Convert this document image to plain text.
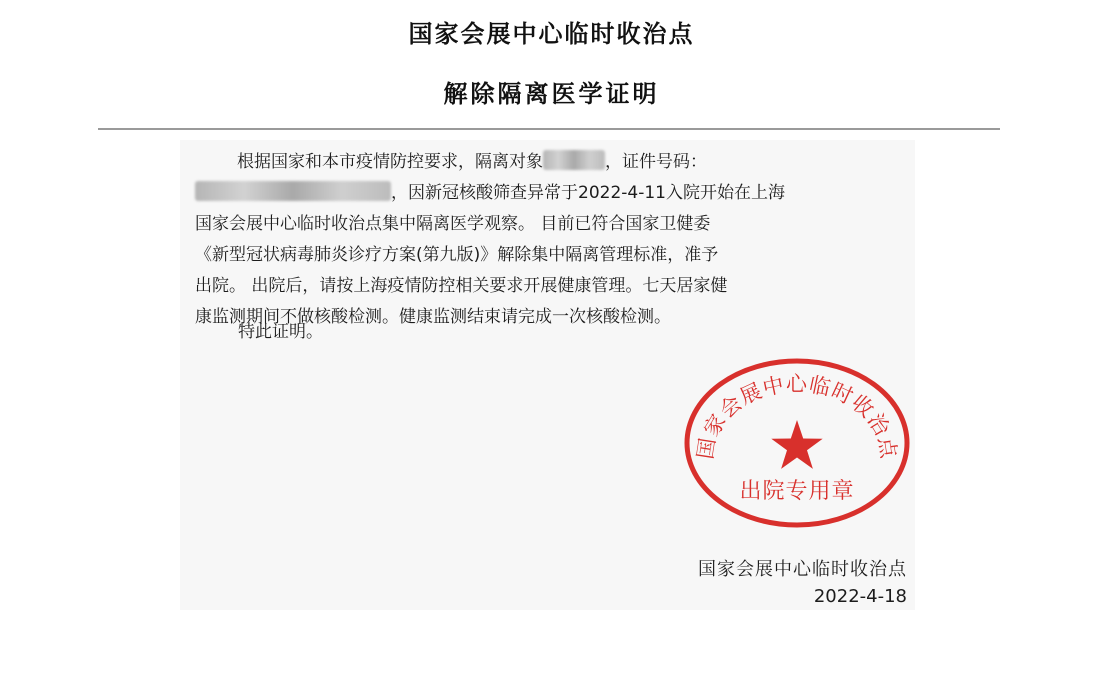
国家会展中心临时收治点
解除隔离医学证明

根据国家和本市疫情防控要求，隔离对象	，证件号码：
，因新冠核酸筛查异常于2022-4-11入院开始在上海
国家会展中心临时收治点集中隔离医学观察。 目前已符合国家卫健委
《新型冠状病毒肺炎诊疗方案(第九版)》解除集中隔离管理标准，准予
出院。 出院后，请按上海疫情防控相关要求开展健康管理。七天居家健
康监测期间不做核酸检测。健康监测结束请完成一次核酸检测。

特此证明。

国家会展中心临时收治点
出院专用章
国家会展中心临时收治点
2022-4-18
